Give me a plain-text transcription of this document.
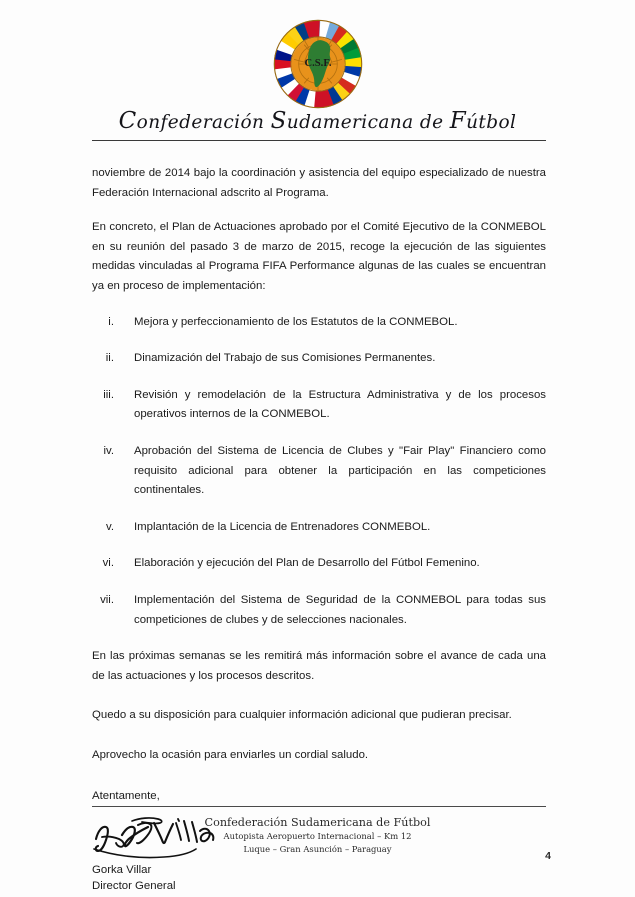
C.S.F.
Confederación Sudamericana de Fútbol

noviembre de 2014 bajo la coordinación y asistencia del equipo especializado de nuestra Federación Internacional adscrito al Programa.

En concreto, el Plan de Actuaciones aprobado por el Comité Ejecutivo de la CONMEBOL en su reunión del pasado 3 de marzo de 2015, recoge la ejecución de las siguientes medidas vinculadas al Programa FIFA Performance algunas de las cuales se encuentran ya en proceso de implementación:

i.	Mejora y perfeccionamiento de los Estatutos de la CONMEBOL.
ii.	Dinamización del Trabajo de sus Comisiones Permanentes.
iii.	Revisión y remodelación de la Estructura Administrativa y de los procesos operativos internos de la CONMEBOL.
iv.	Aprobación del Sistema de Licencia de Clubes y "Fair Play" Financiero como requisito adicional para obtener la participación en las competiciones continentales.
v.	Implantación de la Licencia de Entrenadores CONMEBOL.
vi.	Elaboración y ejecución del Plan de Desarrollo del Fútbol Femenino.
vii.	Implementación del Sistema de Seguridad de la CONMEBOL para todas sus competiciones de clubes y de selecciones nacionales.

En las próximas semanas se les remitirá más información sobre el avance de cada una de las actuaciones y los procesos descritos.

Quedo a su disposición para cualquier información adicional que pudieran precisar.

Aprovecho la ocasión para enviarles un cordial saludo.

Atentamente,
Gorka Villar
Director General
Confederación Sudamericana de Fútbol
Autopista Aeropuerto Internacional – Km 12
Luque – Gran Asunción – Paraguay
4
